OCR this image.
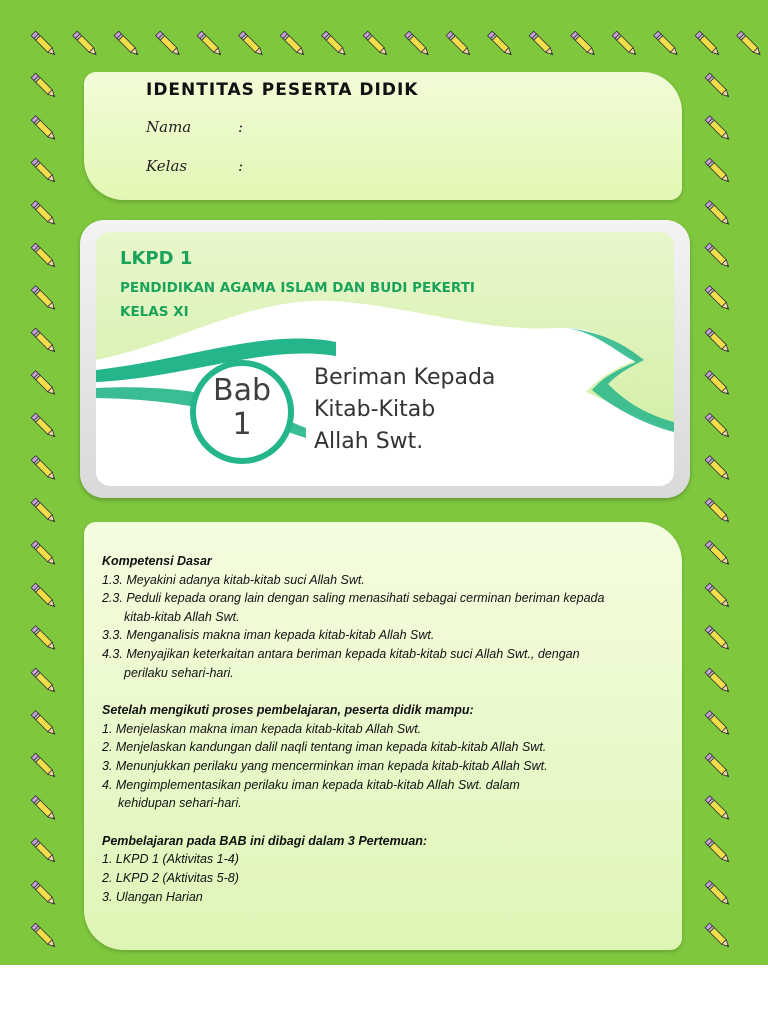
IDENTITAS PESERTA DIDIK
Nama	:
Kelas	:
LKPD 1
PENDIDIKAN AGAMA ISLAM DAN BUDI PEKERTI
KELAS XI
Bab
1
Beriman Kepada
Kitab-Kitab
Allah Swt.
Kompetensi Dasar
1.3. Meyakini adanya kitab-kitab suci Allah Swt.
2.3. Peduli kepada orang lain dengan saling menasihati sebagai cerminan beriman kepada
kitab-kitab Allah Swt.
3.3. Menganalisis makna iman kepada kitab-kitab Allah Swt.
4.3. Menyajikan keterkaitan antara beriman kepada kitab-kitab suci Allah Swt., dengan
perilaku sehari-hari.
Setelah mengikuti proses pembelajaran, peserta didik mampu:
1. Menjelaskan makna iman kepada kitab-kitab Allah Swt.
2. Menjelaskan kandungan dalil naqli tentang iman kepada kitab-kitab Allah Swt.
3. Menunjukkan perilaku yang mencerminkan iman kepada kitab-kitab Allah Swt.
4. Mengimplementasikan perilaku iman kepada kitab-kitab Allah Swt. dalam
kehidupan sehari-hari.
Pembelajaran pada BAB ini dibagi dalam 3 Pertemuan:
1. LKPD 1 (Aktivitas 1-4)
2. LKPD 2 (Aktivitas 5-8)
3. Ulangan Harian
